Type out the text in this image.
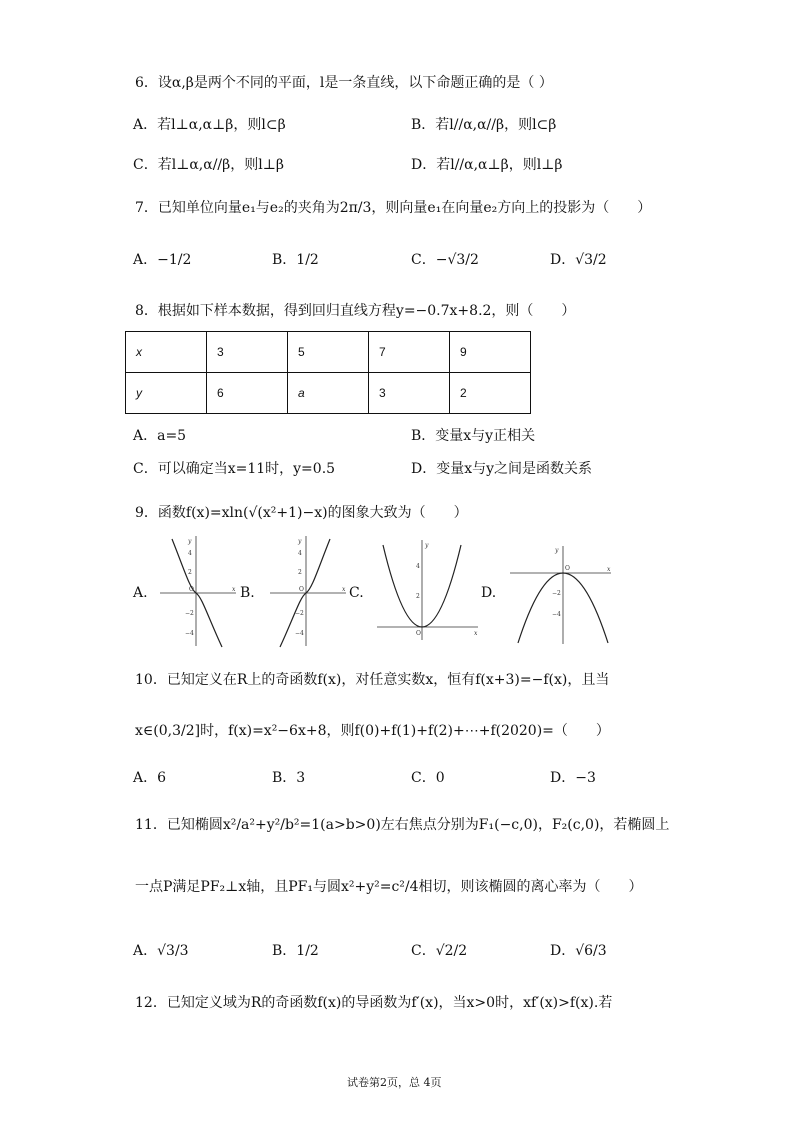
6．设α,β是两个不同的平面，l是一条直线，以下命题正确的是（ ）
A．若l⊥α,α⊥β，则l⊂β	B．若l//α,α//β，则l⊂β
C．若l⊥α,α//β，则l⊥β	D．若l//α,α⊥β，则l⊥β
7．已知单位向量e₁与e₂的夹角为2π/3，则向量e₁在向量e₂方向上的投影为（　　）
A．−1/2	B．1/2	C．−√3/2	D．√3/2
8．根据如下样本数据，得到回归直线方程y=−0.7x+8.2，则（　　）
x	3	5	7	9
y	6	a	3	2
A．a=5	B．变量x与y正相关
C．可以确定当x=11时，y=0.5	D．变量x与y之间是函数关系
9．函数f(x)=xln(√(x²+1)−x)的图象大致为（　　）
A.	B.	C.	D.
y
x
O
4
2
−2
−4
y
x
O
4
2
−2
−4
y
x
O
4
2
y
x
O
−2
−4
10．已知定义在R上的奇函数f(x)，对任意实数x，恒有f(x+3)=−f(x)，且当
x∈(0,3/2]时，f(x)=x²−6x+8，则f(0)+f(1)+f(2)+⋯+f(2020)=（　　）
A．6	B．3	C．0	D．−3
11．已知椭圆x²/a²+y²/b²=1(a>b>0)左右焦点分别为F₁(−c,0)，F₂(c,0)，若椭圆上
一点P满足PF₂⊥x轴，且PF₁与圆x²+y²=c²/4相切，则该椭圆的离心率为（　　）
A．√3/3	B．1/2	C．√2/2	D．√6/3
12．已知定义域为R的奇函数f(x)的导函数为f′(x)，当x>0时，xf′(x)>f(x).若
试卷第2页，总 4页
